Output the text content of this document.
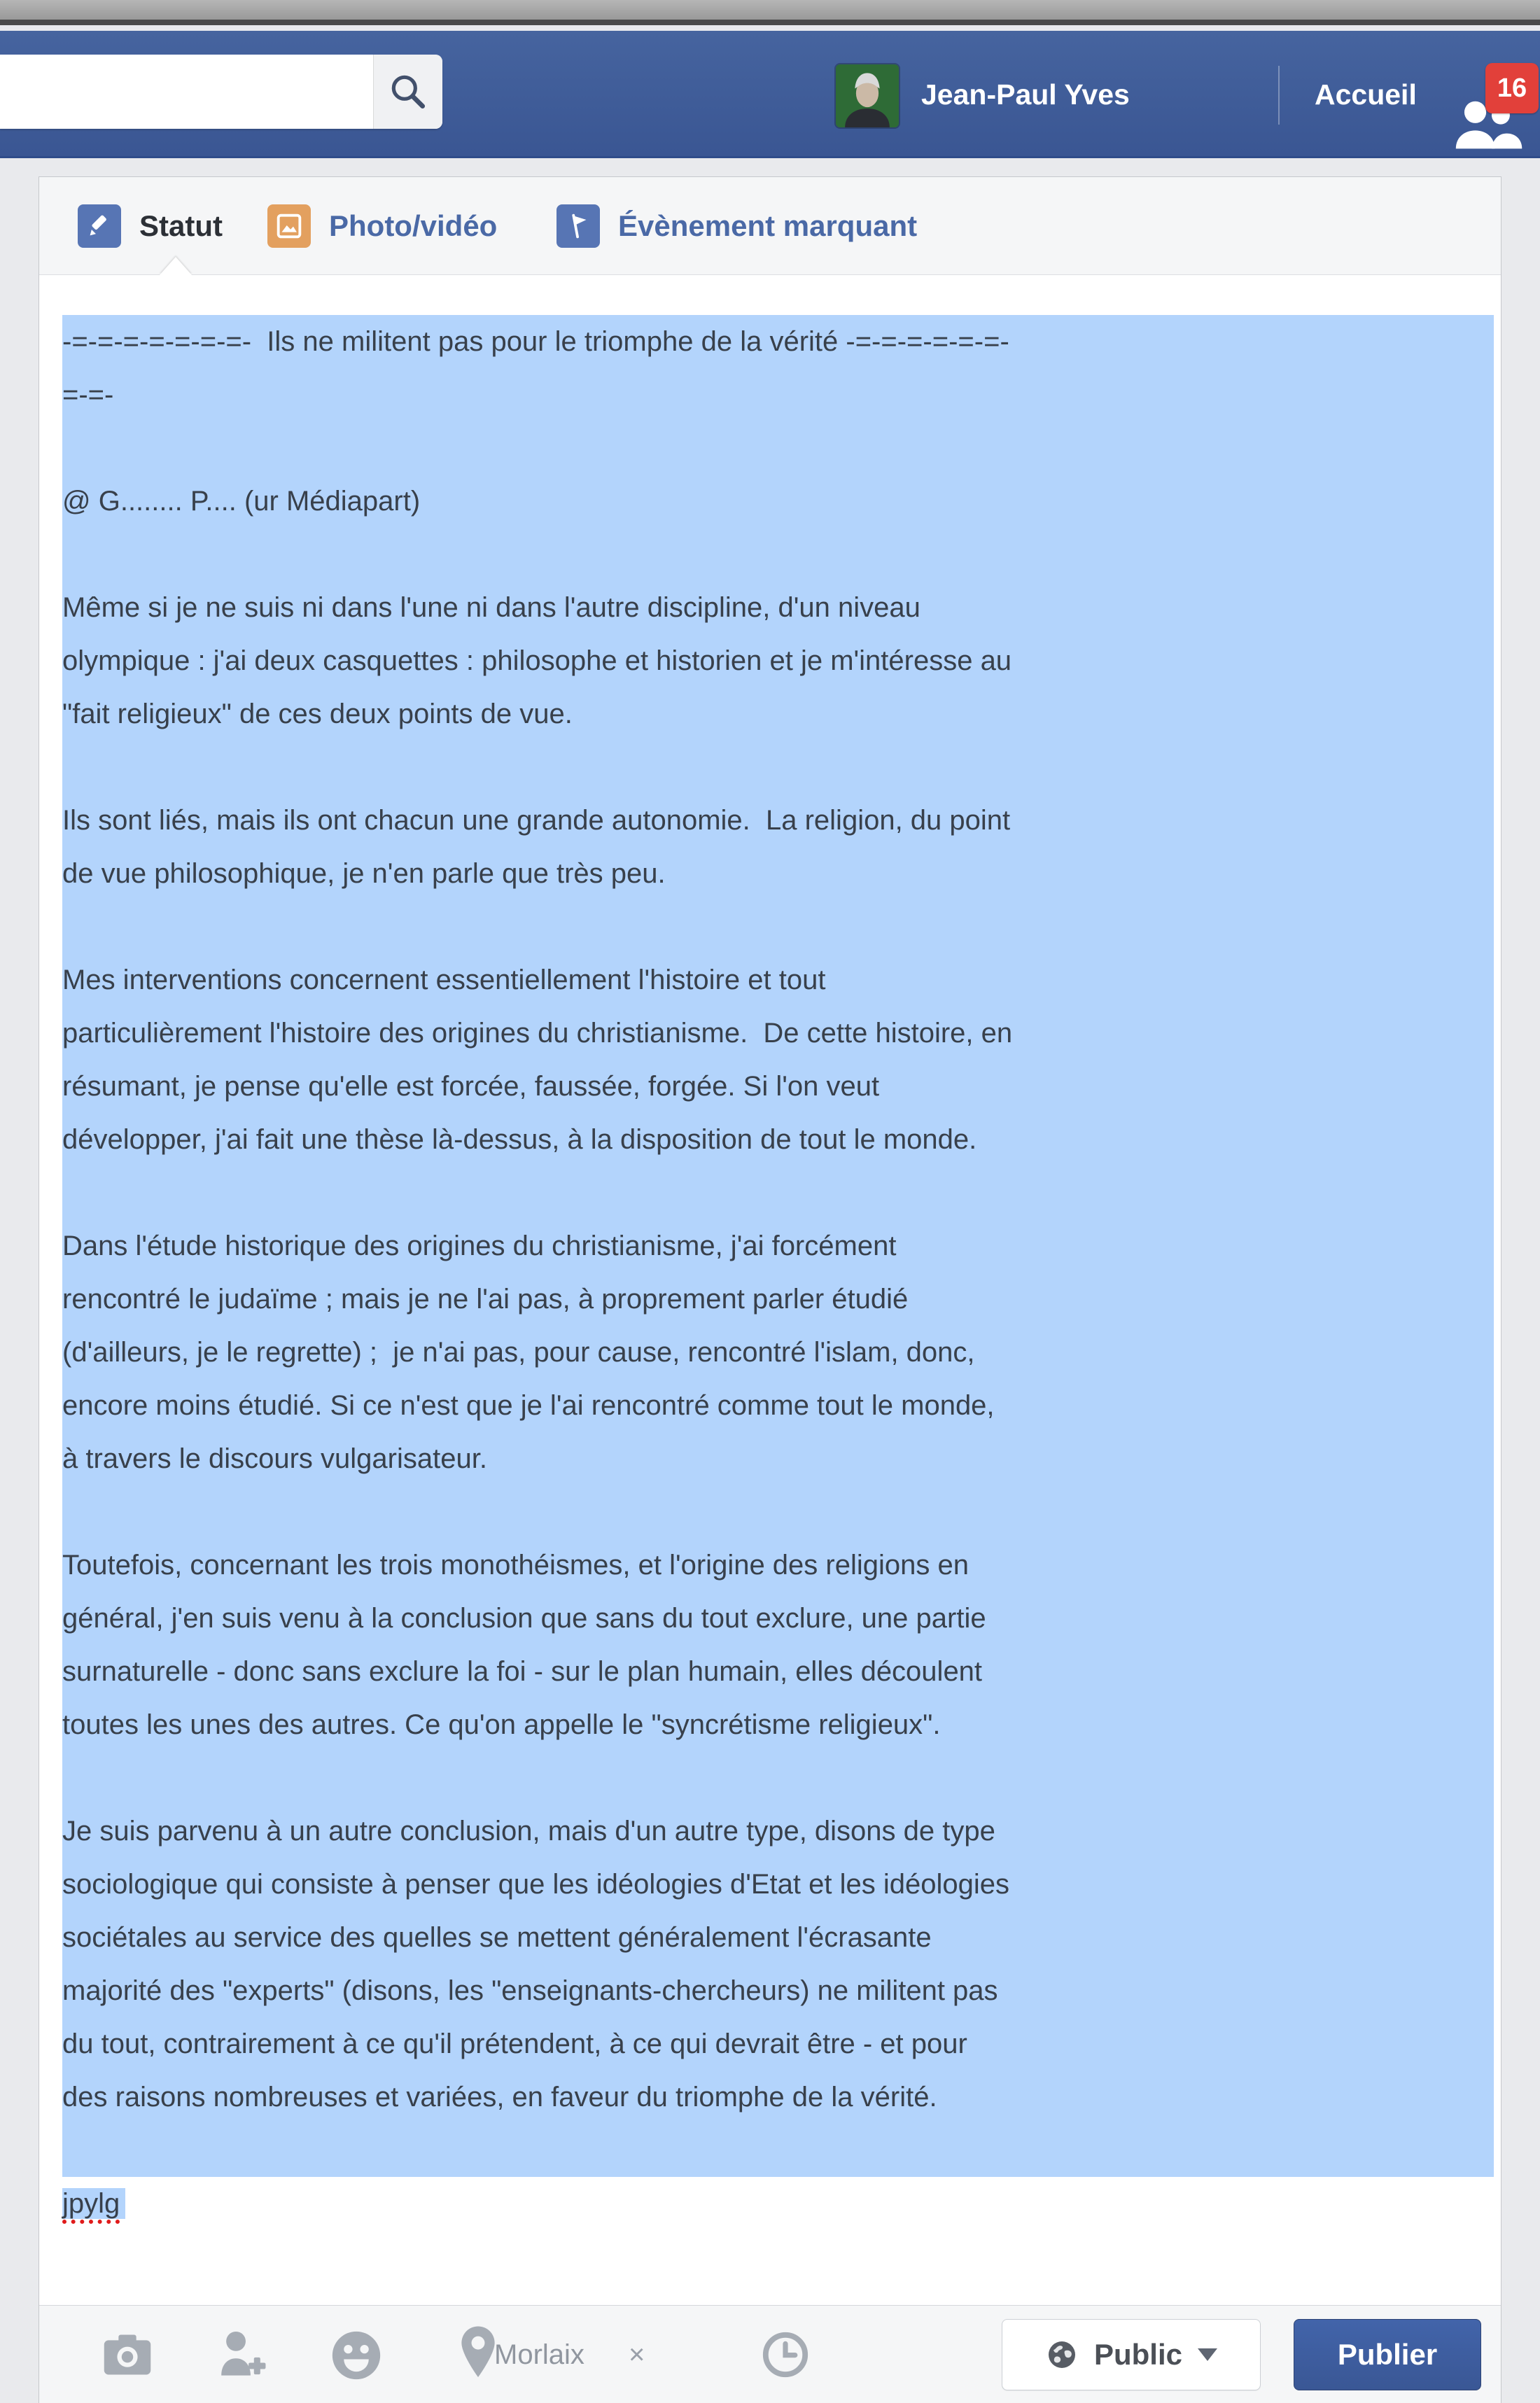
Jean-Paul Yves	Accueil	16
Statut	Photo/vidéo	Évènement marquant
-=-=-=-=-=-=-=-  Ils ne militent pas pour le triomphe de la vérité -=-=-=-=-=-=-
=-=-
@ G........ P.... (ur Médiapart)
Même si je ne suis ni dans l'une ni dans l'autre discipline, d'un niveau
olympique : j'ai deux casquettes : philosophe et historien et je m'intéresse au
"fait religieux" de ces deux points de vue.
Ils sont liés, mais ils ont chacun une grande autonomie.  La religion, du point
de vue philosophique, je n'en parle que très peu.
Mes interventions concernent essentiellement l'histoire et tout
particulièrement l'histoire des origines du christianisme.  De cette histoire, en
résumant, je pense qu'elle est forcée, faussée, forgée. Si l'on veut
développer, j'ai fait une thèse là-dessus, à la disposition de tout le monde.
Dans l'étude historique des origines du christianisme, j'ai forcément
rencontré le judaïme ; mais je ne l'ai pas, à proprement parler étudié
(d'ailleurs, je le regrette) ;  je n'ai pas, pour cause, rencontré l'islam, donc,
encore moins étudié. Si ce n'est que je l'ai rencontré comme tout le monde,
à travers le discours vulgarisateur.
Toutefois, concernant les trois monothéismes, et l'origine des religions en
général, j'en suis venu à la conclusion que sans du tout exclure, une partie
surnaturelle - donc sans exclure la foi - sur le plan humain, elles découlent
toutes les unes des autres. Ce qu'on appelle le "syncrétisme religieux".
Je suis parvenu à un autre conclusion, mais d'un autre type, disons de type
sociologique qui consiste à penser que les idéologies d'Etat et les idéologies
sociétales au service des quelles se mettent généralement l'écrasante
majorité des "experts" (disons, les "enseignants-chercheurs) ne militent pas
du tout, contrairement à ce qu'il prétendent, à ce qui devrait être - et pour
des raisons nombreuses et variées, en faveur du triomphe de la vérité.
jpylg
Morlaix ×	Public	Publier
